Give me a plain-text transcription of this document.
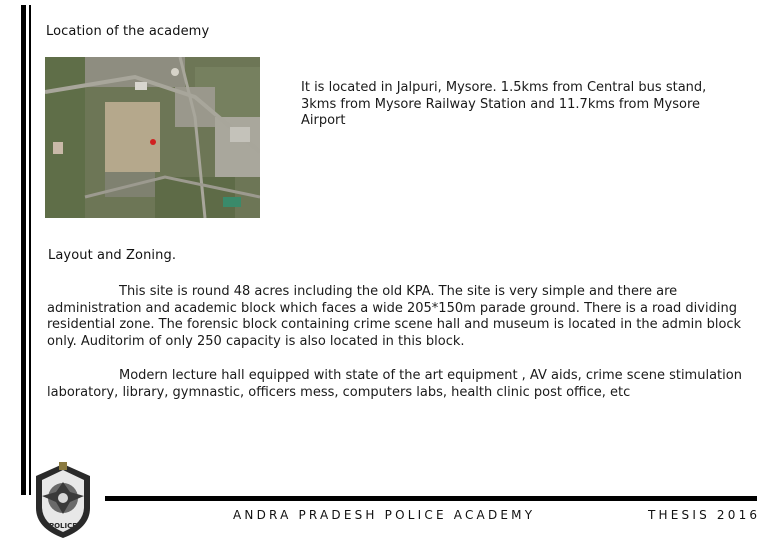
Location of the academy
It is located in Jalpuri, Mysore. 1.5kms from Central bus stand, 3kms from Mysore Railway Station and 11.7kms from Mysore Airport
Layout and Zoning.
This site is round 48 acres including the old KPA. The site is very simple and there are administration and academic block which faces a wide 205*150m parade ground. There is a road dividing residential zone. The forensic block containing crime scene hall and museum is located in the admin block only. Auditorim of only 250 capacity is also located in this block.
Modern lecture hall equipped with state of the art equipment , AV aids, crime scene stimulation laboratory, library, gymnastic, officers mess, computers labs, health clinic post office, etc
POLICE
ANDRA PRADESH POLICE ACADEMY	THESIS 2016
